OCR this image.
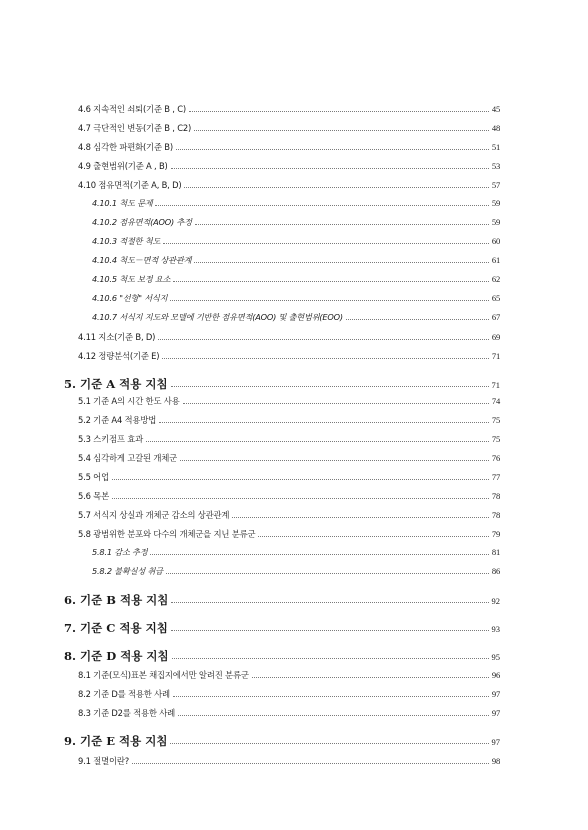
4.6 지속적인 쇠퇴(기준 B , C)	45
4.7 극단적인 변동(기준 B , C2)	48
4.8 심각한 파편화(기준 B)	51
4.9 출현범위(기준 A , B)	53
4.10 점유면적(기준 A, B, D)	57
4.10.1 척도 문제	59
4.10.2 점유면적(AOO) 추정	59
4.10.3 적절한 척도	60
4.10.4 척도－면적 상관관계	61
4.10.5 척도 보정 요소	62
4.10.6 "선형" 서식지	65
4.10.7 서식지 지도와 모델에 기반한 점유면적(AOO) 및 출현범위(EOO)	67
4.11 지소(기준 B, D)	69
4.12 정량분석(기준 E)	71
5. 기준 A 적용 지침	71
5.1 기준 A의 시간 한도 사용	74
5.2 기준 A4 적용방법	75
5.3 스키점프 효과	75
5.4 심각하게 고갈된 개체군	76
5.5 어업	77
5.6 목본	78
5.7 서식지 상실과 개체군 감소의 상관관계	78
5.8 광범위한 분포와 다수의 개체군을 지닌 분류군	79
5.8.1 감소 추정	81
5.8.2 불확실성 취급	86
6. 기준 B 적용 지침	92
7. 기준 C 적용 지침	93
8. 기준 D 적용 지침	95
8.1 기준(모식)표본 채집지에서만 알려진 분류군	96
8.2 기준 D를 적용한 사례	97
8.3 기준 D2를 적용한 사례	97
9. 기준 E 적용 지침	97
9.1 절멸이란?	98
